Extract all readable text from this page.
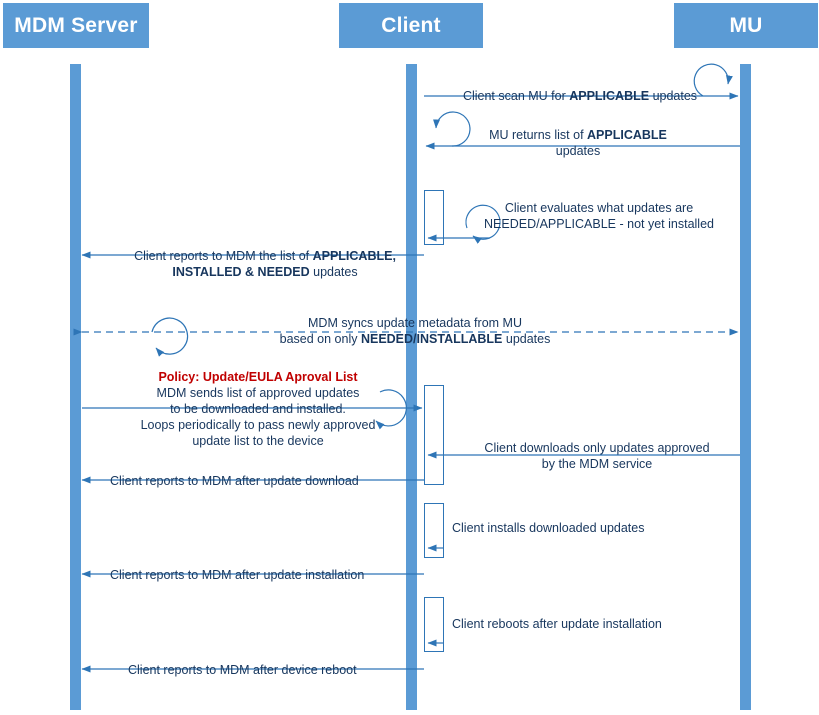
MDM Server	Client	MU
Client scan MU for APPLICABLE updates
MU returns list of APPLICABLE
updates
Client evaluates what updates are
NEEDED/APPLICABLE - not yet installed
Client reports to MDM the list of APPLICABLE,
INSTALLED & NEEDED updates
MDM syncs update metadata from MU
based on only NEEDED/INSTALLABLE updates
Policy: Update/EULA Aproval List
MDM sends list of approved updates
to be downloaded and installed.
Loops periodically to pass newly approved
update list to the device	Client downloads only updates approved
by the MDM service
Client reports to MDM after update download
Client installs downloaded updates
Client reports to MDM after update installation
Client reboots after update installation
Client reports to MDM after device reboot
